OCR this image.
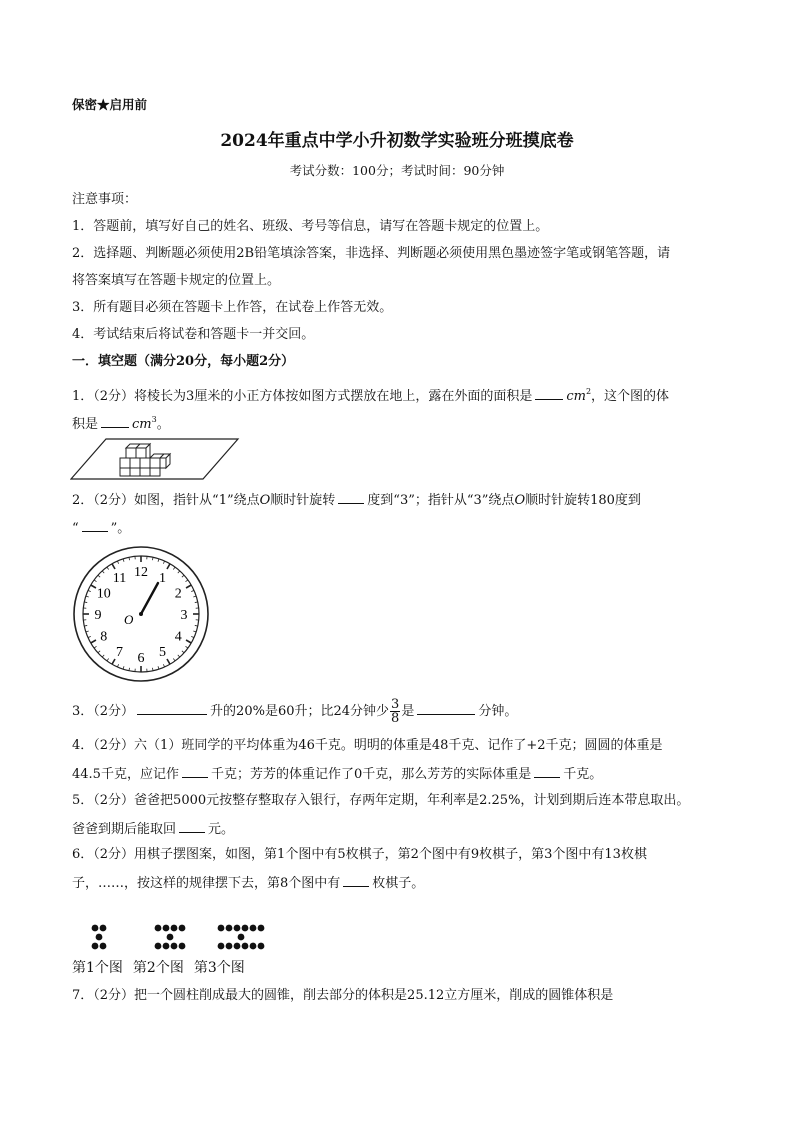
保密★启用前
2024年重点中学小升初数学实验班分班摸底卷
考试分数：100分；考试时间：90分钟
注意事项：
1．答题前，填写好自己的姓名、班级、考号等信息，请写在答题卡规定的位置上。
2．选择题、判断题必须使用2B铅笔填涂答案，非选择、判断题必须使用黑色墨迹签字笔或钢笔答题，请
将答案填写在答题卡规定的位置上。
3．所有题目必须在答题卡上作答，在试卷上作答无效。
4．考试结束后将试卷和答题卡一并交回。
一．填空题（满分20分，每小题2分）
1．（2分）将棱长为3厘米的小正方体按如图方式摆放在地上，露在外面的面积是	$cm^2$，这个图的体
积是	$cm^3$。
2．（2分）如图，指针从“1”绕点O顺时针旋转 度到“3”；指针从“3”绕点O顺时针旋转180度到
“ ”。
12 1
2
3
4
5
6
7
8
9
10
11
O
3．（2分）	升的20%是60升；比24分钟少 $\frac{3}{8}$ 是	分钟。
4．（2分）六（1）班同学的平均体重为46千克。明明的体重是48千克、记作了+2千克；圆圆的体重是
44.5千克，应记作 千克；芳芳的体重记作了0千克，那么芳芳的实际体重是 千克。
5．（2分）爸爸把5000元按整存整取存入银行，存两年定期，年利率是2.25%，计划到期后连本带息取出。
爸爸到期后能取回 元。
6．（2分）用棋子摆图案，如图，第1个图中有5枚棋子，第2个图中有9枚棋子，第3个图中有13枚棋
子，……，按这样的规律摆下去，第8个图中有 枚棋子。
第1个图 第2个图 第3个图
7．（2分）把一个圆柱削成最大的圆锥，削去部分的体积是25.12立方厘米，削成的圆锥体积是
